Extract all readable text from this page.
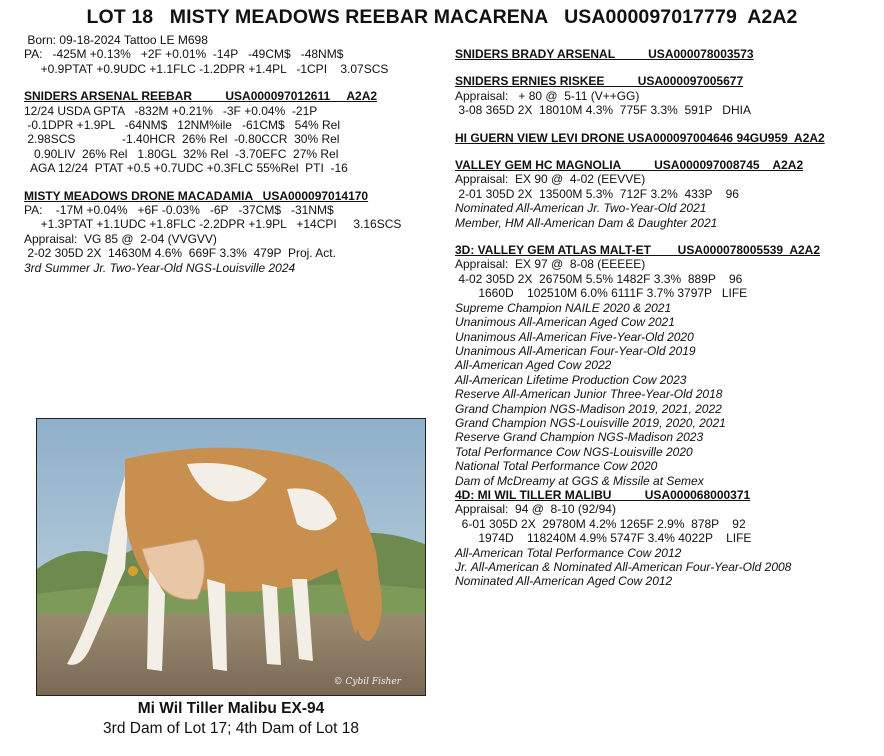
LOT 18   MISTY MEADOWS REEBAR MACARENA   USA000097017779  A2A2
Born: 09-18-2024 Tattoo LE M698
PA:   -425M +0.13%   +2F +0.01%  -14P   -49CM$   -48NM$
+0.9PTAT +0.9UDC +1.1FLC -1.2DPR +1.4PL   -1CPI    3.07SCS
SNIDERS ARSENAL REEBAR          USA000097012611     A2A2
12/24 USDA GPTA   -832M +0.21%   -3F +0.04%  -21P
-0.1DPR +1.9PL   -64NM$   12NM%ile   -61CM$   54% Rel
2.98SCS              -1.40HCR  26% Rel  -0.80CCR  30% Rel
0.90LIV  26% Rel   1.80GL  32% Rel  -3.70EFC  27% Rel
AGA 12/24  PTAT +0.5 +0.7UDC +0.3FLC 55%Rel  PTI  -16
MISTY MEADOWS DRONE MACADAMIA   USA000097014170
PA:    -17M +0.04%   +6F -0.03%   -6P   -37CM$   -31NM$
+1.3PTAT +1.1UDC +1.8FLC -2.2DPR +1.9PL   +14CPI     3.16SCS
Appraisal:  VG 85 @  2-04 (VVGVV)
2-02 305D 2X  14630M 4.6%  669F 3.3%  479P  Proj. Act.
3rd Summer Jr. Two-Year-Old NGS-Louisville 2024
SNIDERS BRADY ARSENAL          USA000078003573
SNIDERS ERNIES RISKEE          USA000097005677
Appraisal:   + 80 @  5-11 (V++GG)
3-08 365D 2X  18010M 4.3%  775F 3.3%  591P   DHIA
HI GUERN VIEW LEVI DRONE USA000097004646 94GU959  A2A2
VALLEY GEM HC MAGNOLIA          USA000097008745    A2A2
Appraisal:  EX 90 @  4-02 (EEVVE)
2-01 305D 2X  13500M 5.3%  712F 3.2%  433P    96
Nominated All-American Jr. Two-Year-Old 2021
Member, HM All-American Dam & Daughter 2021
3D: VALLEY GEM ATLAS MALT-ET        USA000078005539  A2A2
Appraisal:  EX 97 @  8-08 (EEEEE)
4-02 305D 2X  26750M 5.5% 1482F 3.3%  889P    96
1660D    102510M 6.0% 6111F 3.7% 3797P   LIFE
Supreme Champion NAILE 2020 & 2021
Unanimous All-American Aged Cow 2021
Unanimous All-American Five-Year-Old 2020
Unanimous All-American Four-Year-Old 2019
All-American Aged Cow 2022
All-American Lifetime Production Cow 2023
Reserve All-American Junior Three-Year-Old 2018
Grand Champion NGS-Madison 2019, 2021, 2022
Grand Champion NGS-Louisville 2019, 2020, 2021
Reserve Grand Champion NGS-Madison 2023
Total Performance Cow NGS-Louisville 2020
National Total Performance Cow 2020
Dam of McDreamy at GGS & Missile at Semex
4D: MI WIL TILLER MALIBU          USA000068000371
Appraisal:  94 @  8-10 (92/94)
6-01 305D 2X  29780M 4.2% 1265F 2.9%  878P    92
1974D    118240M 4.9% 5747F 3.4% 4022P    LIFE
All-American Total Performance Cow 2012
Jr. All-American & Nominated All-American Four-Year-Old 2008
Nominated All-American Aged Cow 2012
© Cybil Fisher
Mi Wil Tiller Malibu EX-94
3rd Dam of Lot 17; 4th Dam of Lot 18
